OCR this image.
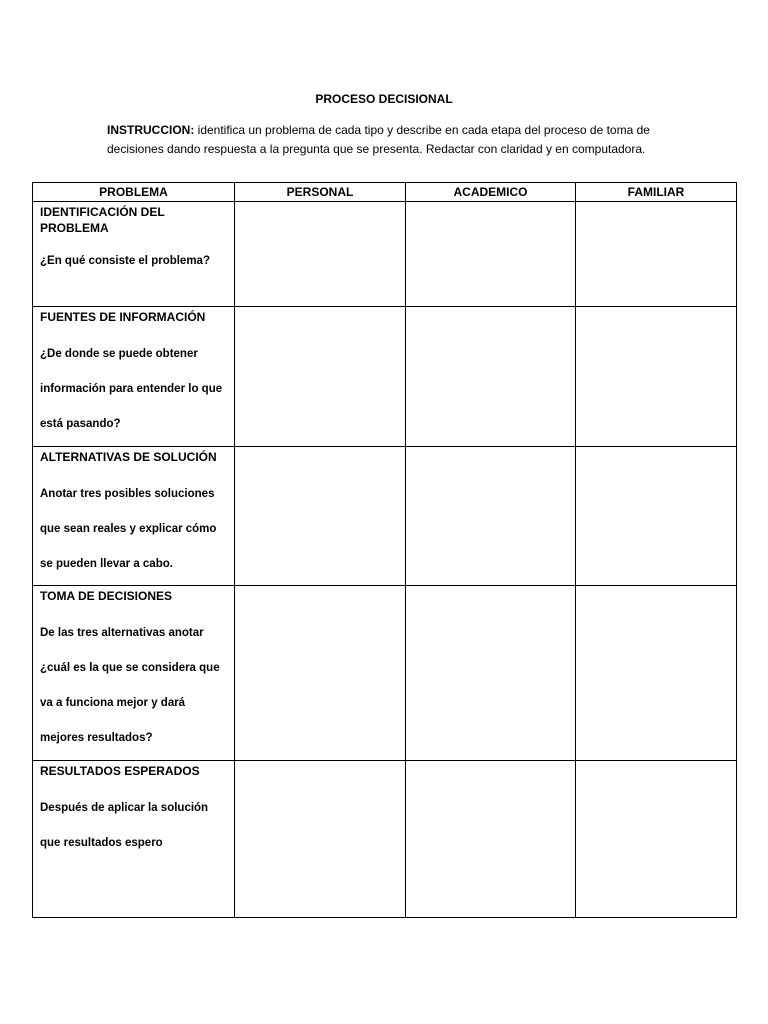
PROCESO DECISIONAL
INSTRUCCION: identifica un problema de cada tipo y describe en cada etapa del proceso de toma de decisiones dando respuesta a la pregunta que se presenta. Redactar con claridad y en computadora.
PROBLEMA	PERSONAL	ACADEMICO	FAMILIAR

IDENTIFICACIÓN DEL PROBLEMA
¿En qué consiste el problema?			

FUENTES DE INFORMACIÓN
¿De donde se puede obtener información para entender lo que está pasando?			

ALTERNATIVAS DE SOLUCIÓN
Anotar tres posibles soluciones que sean reales y explicar cómo se pueden llevar a cabo.			

TOMA DE DECISIONES
De las tres alternativas anotar ¿cuál es la que se considera que va a funciona mejor y dará mejores resultados?			

RESULTADOS ESPERADOS
Después de aplicar la solución que resultados espero			
